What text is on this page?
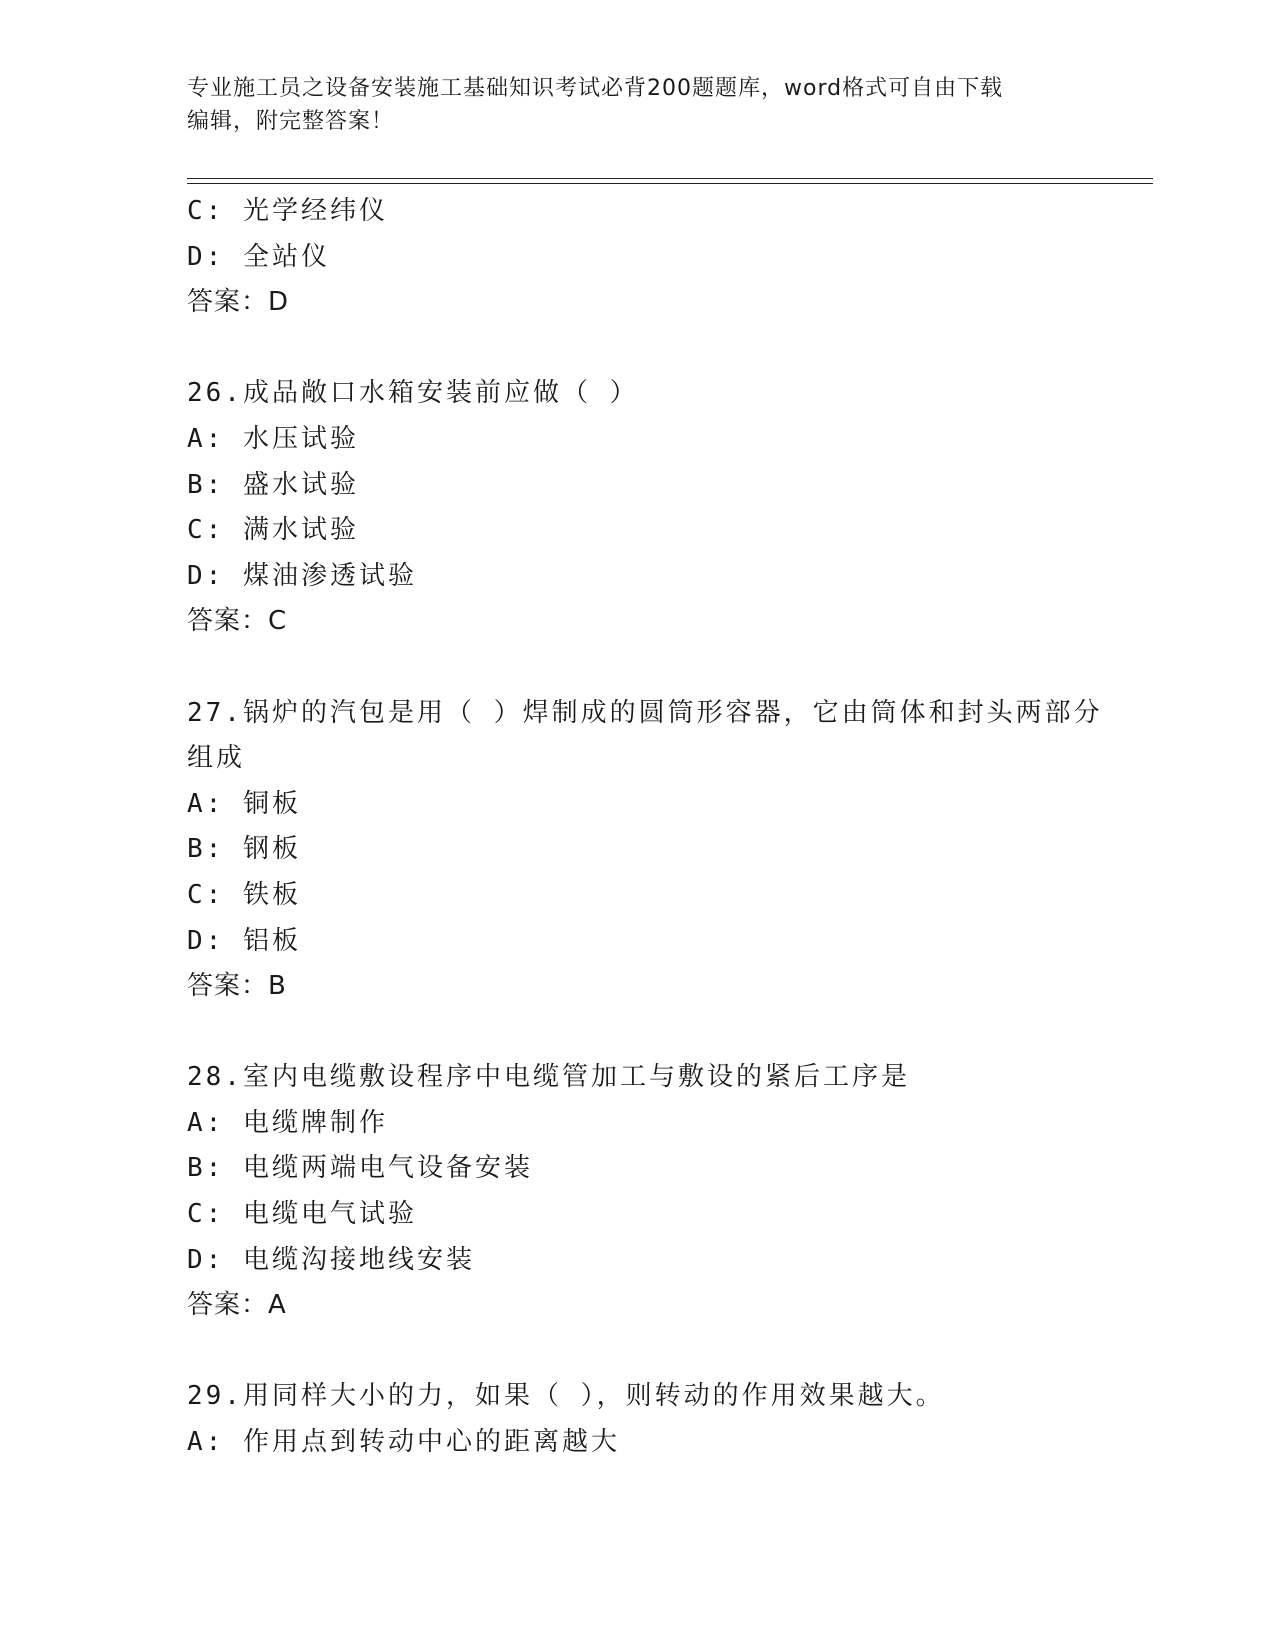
专业施工员之设备安装施工基础知识考试必背200题题库，word格式可自由下载
编辑，附完整答案！

C: 光学经纬仪

D: 全站仪

答案：D

26.成品敞口水箱安装前应做（ ）

A: 水压试验

B: 盛水试验

C: 满水试验

D: 煤油渗透试验

答案：C

27.锅炉的汽包是用（ ）焊制成的圆筒形容器，它由筒体和封头两部分组成

A: 铜板

B: 钢板

C: 铁板

D: 铝板

答案：B

28.室内电缆敷设程序中电缆管加工与敷设的紧后工序是

A: 电缆牌制作

B: 电缆两端电气设备安装

C: 电缆电气试验

D: 电缆沟接地线安装

答案：A

29.用同样大小的力，如果（ ），则转动的作用效果越大。

A: 作用点到转动中心的距离越大
